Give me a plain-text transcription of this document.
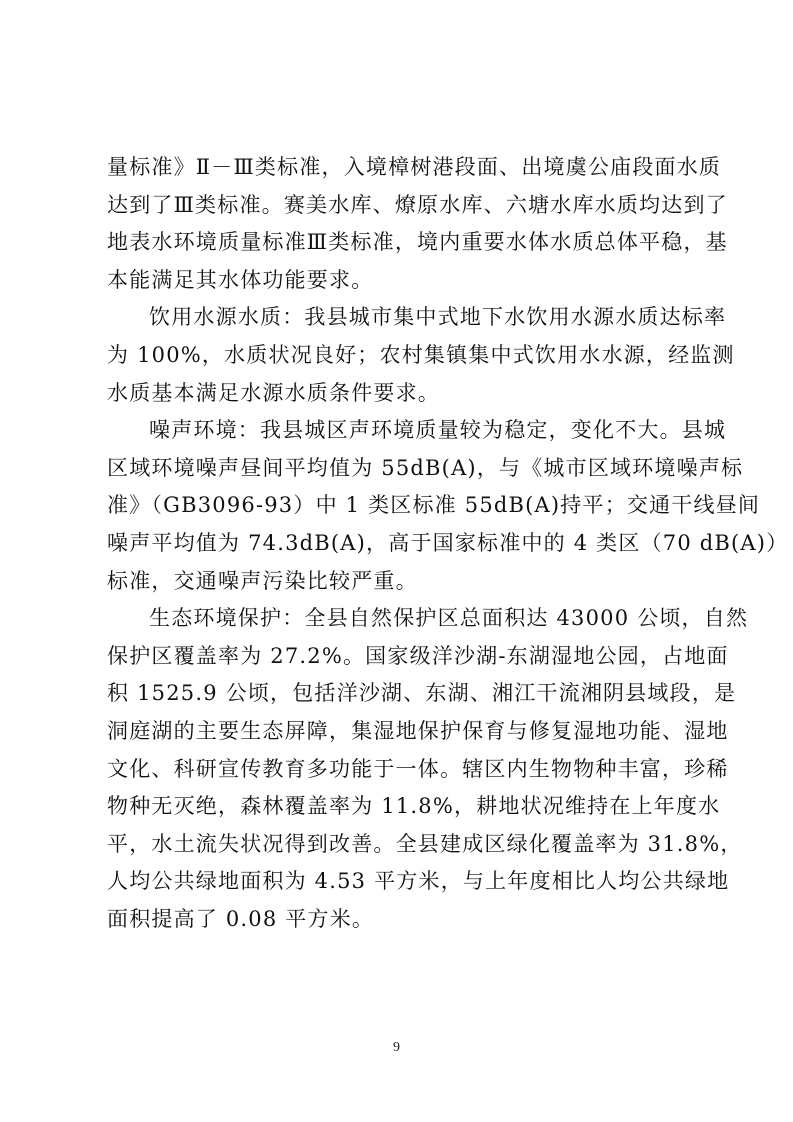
量标准》Ⅱ－Ⅲ类标准，入境樟树港段面、出境虞公庙段面水质
达到了Ⅲ类标准。赛美水库、燎原水库、六塘水库水质均达到了
地表水环境质量标准Ⅲ类标准，境内重要水体水质总体平稳，基
本能满足其水体功能要求。

饮用水源水质：我县城市集中式地下水饮用水源水质达标率
为 100%，水质状况良好；农村集镇集中式饮用水水源，经监测
水质基本满足水源水质条件要求。

噪声环境：我县城区声环境质量较为稳定，变化不大。县城
区域环境噪声昼间平均值为 55dB(A)，与《城市区域环境噪声标
准》（GB3096-93）中 1 类区标准 55dB(A)持平；交通干线昼间
噪声平均值为 74.3dB(A)，高于国家标准中的 4 类区（70 dB(A)）
标准，交通噪声污染比较严重。

生态环境保护：全县自然保护区总面积达 43000 公顷，自然
保护区覆盖率为 27.2%。国家级洋沙湖-东湖湿地公园，占地面
积 1525.9 公顷，包括洋沙湖、东湖、湘江干流湘阴县域段，是
洞庭湖的主要生态屏障，集湿地保护保育与修复湿地功能、湿地
文化、科研宣传教育多功能于一体。辖区内生物物种丰富，珍稀
物种无灭绝，森林覆盖率为 11.8%，耕地状况维持在上年度水
平，水土流失状况得到改善。全县建成区绿化覆盖率为 31.8%，
人均公共绿地面积为 4.53 平方米，与上年度相比人均公共绿地
面积提高了 0.08 平方米。

9
